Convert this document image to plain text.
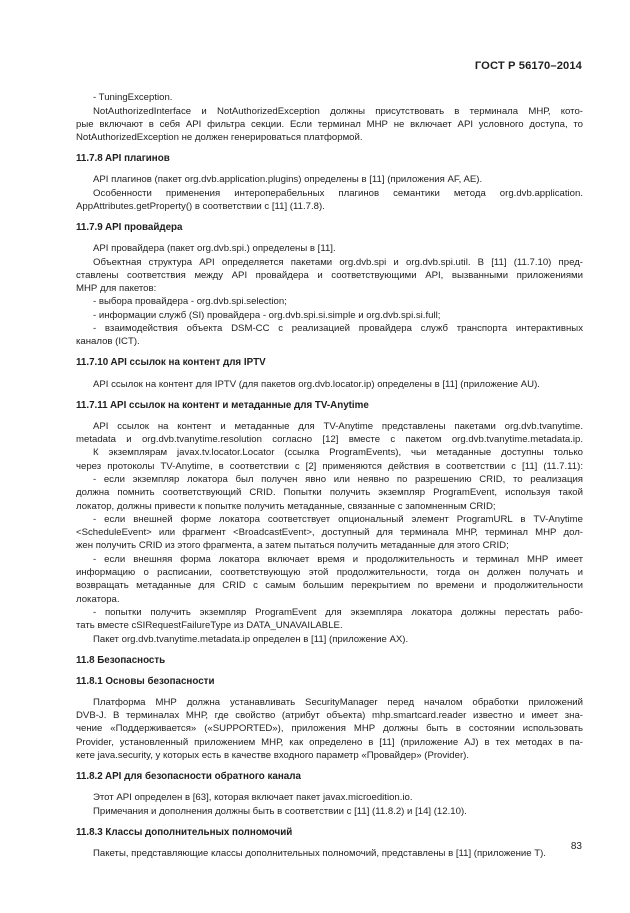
ГОСТ Р 56170–2014
- TuningException.
NotAuthorizedInterface и NotAuthorizedException должны присутствовать в терминала МНР, кото-
рые включают в себя API фильтра секции. Если терминал МНР не включает API условного доступа, то
NotAuthorizedException не должен генерироваться платформой.
11.7.8 API плагинов
API плагинов (пакет org.dvb.application.plugins) определены в [11] (приложения AF, AE).
Особенности применения интероперабельных плагинов семантики метода org.dvb.application.
AppAttributes.getProperty() в соответствии с [11] (11.7.8).
11.7.9 API провайдера
API провайдера (пакет org.dvb.spi.) определены в [11].
Объектная структура API определяется пакетами org.dvb.spi и org.dvb.spi.util. В [11] (11.7.10) пред-
ставлены соответствия между API провайдера и соответствующими API, вызванными приложениями
МНР для пакетов:
- выбора провайдера - org.dvb.spi.selection;
- информации служб (SI) провайдера - org.dvb.spi.si.simple и org.dvb.spi.si.full;
- взаимодействия объекта DSM-CC с реализацией провайдера служб транспорта интерактивных
каналов (ICT).
11.7.10 API ссылок на контент для IPTV
API ссылок на контент для IPTV (для пакетов org.dvb.locator.ip) определены в [11] (приложение AU).
11.7.11 API ссылок на контент и метаданные для TV-Anytime
API ссылок на контент и метаданные для TV-Anytime представлены пакетами org.dvb.tvanytime.
metadata и org.dvb.tvanytime.resolution согласно [12] вместе с пакетом org.dvb.tvanytime.metadata.ip.
К экземплярам javax.tv.locator.Locator (ссылка ProgramEvents), чьи метаданные доступны только
через протоколы TV-Anytime, в соответствии с [2] применяются действия в соответствии с [11] (11.7.11):
- если экземпляр локатора был получен явно или неявно по разрешению CRID, то реализация
должна помнить соответствующий CRID. Попытки получить экземпляр ProgramEvent, используя такой
локатор, должны привести к попытке получить метаданные, связанные с запомненным CRID;
- если внешней форме локатора соответствует опциональный элемент ProgramURL в TV-Anytime
<ScheduleEvent> или фрагмент <BroadcastEvent>, доступный для терминала МНР, терминал МНР дол-
жен получить CRID из этого фрагмента, а затем пытаться получить метаданные для этого CRID;
- если внешняя форма локатора включает время и продолжительность и терминал МНР имеет
информацию о расписании, соответствующую этой продолжительности, тогда он должен получать и
возвращать метаданные для CRID с самым большим перекрытием по времени и продолжительности
локатора.
- попытки получить экземпляр ProgramEvent для экземпляра локатора должны перестать рабо-
тать вместе cSIRequestFailureType из DATA_UNAVAILABLE.
Пакет org.dvb.tvanytime.metadata.ip определен в [11] (приложение AX).
11.8 Безопасность
11.8.1 Основы безопасности
Платформа МНР должна устанавливать SecurityManager перед началом обработки приложений
DVB-J. В терминалах МНР, где свойство (атрибут объекта) mhp.smartcard.reader известно и имеет зна-
чение «Поддерживается» («SUPPORTED»), приложения МНР должны быть в состоянии использовать
Provider, установленный приложением МНР, как определено в [11] (приложение AJ) в тех методах в па-
кете java.security, у которых есть в качестве входного параметр «Провайдер» (Provider).
11.8.2 API для безопасности обратного канала
Этот API определен в [63], которая включает пакет javax.microedition.io.
Примечания и дополнения должны быть в соответствии с [11] (11.8.2) и [14] (12.10).
11.8.3 Классы дополнительных полномочий
Пакеты, представляющие классы дополнительных полномочий, представлены в [11] (приложение Т).
83
